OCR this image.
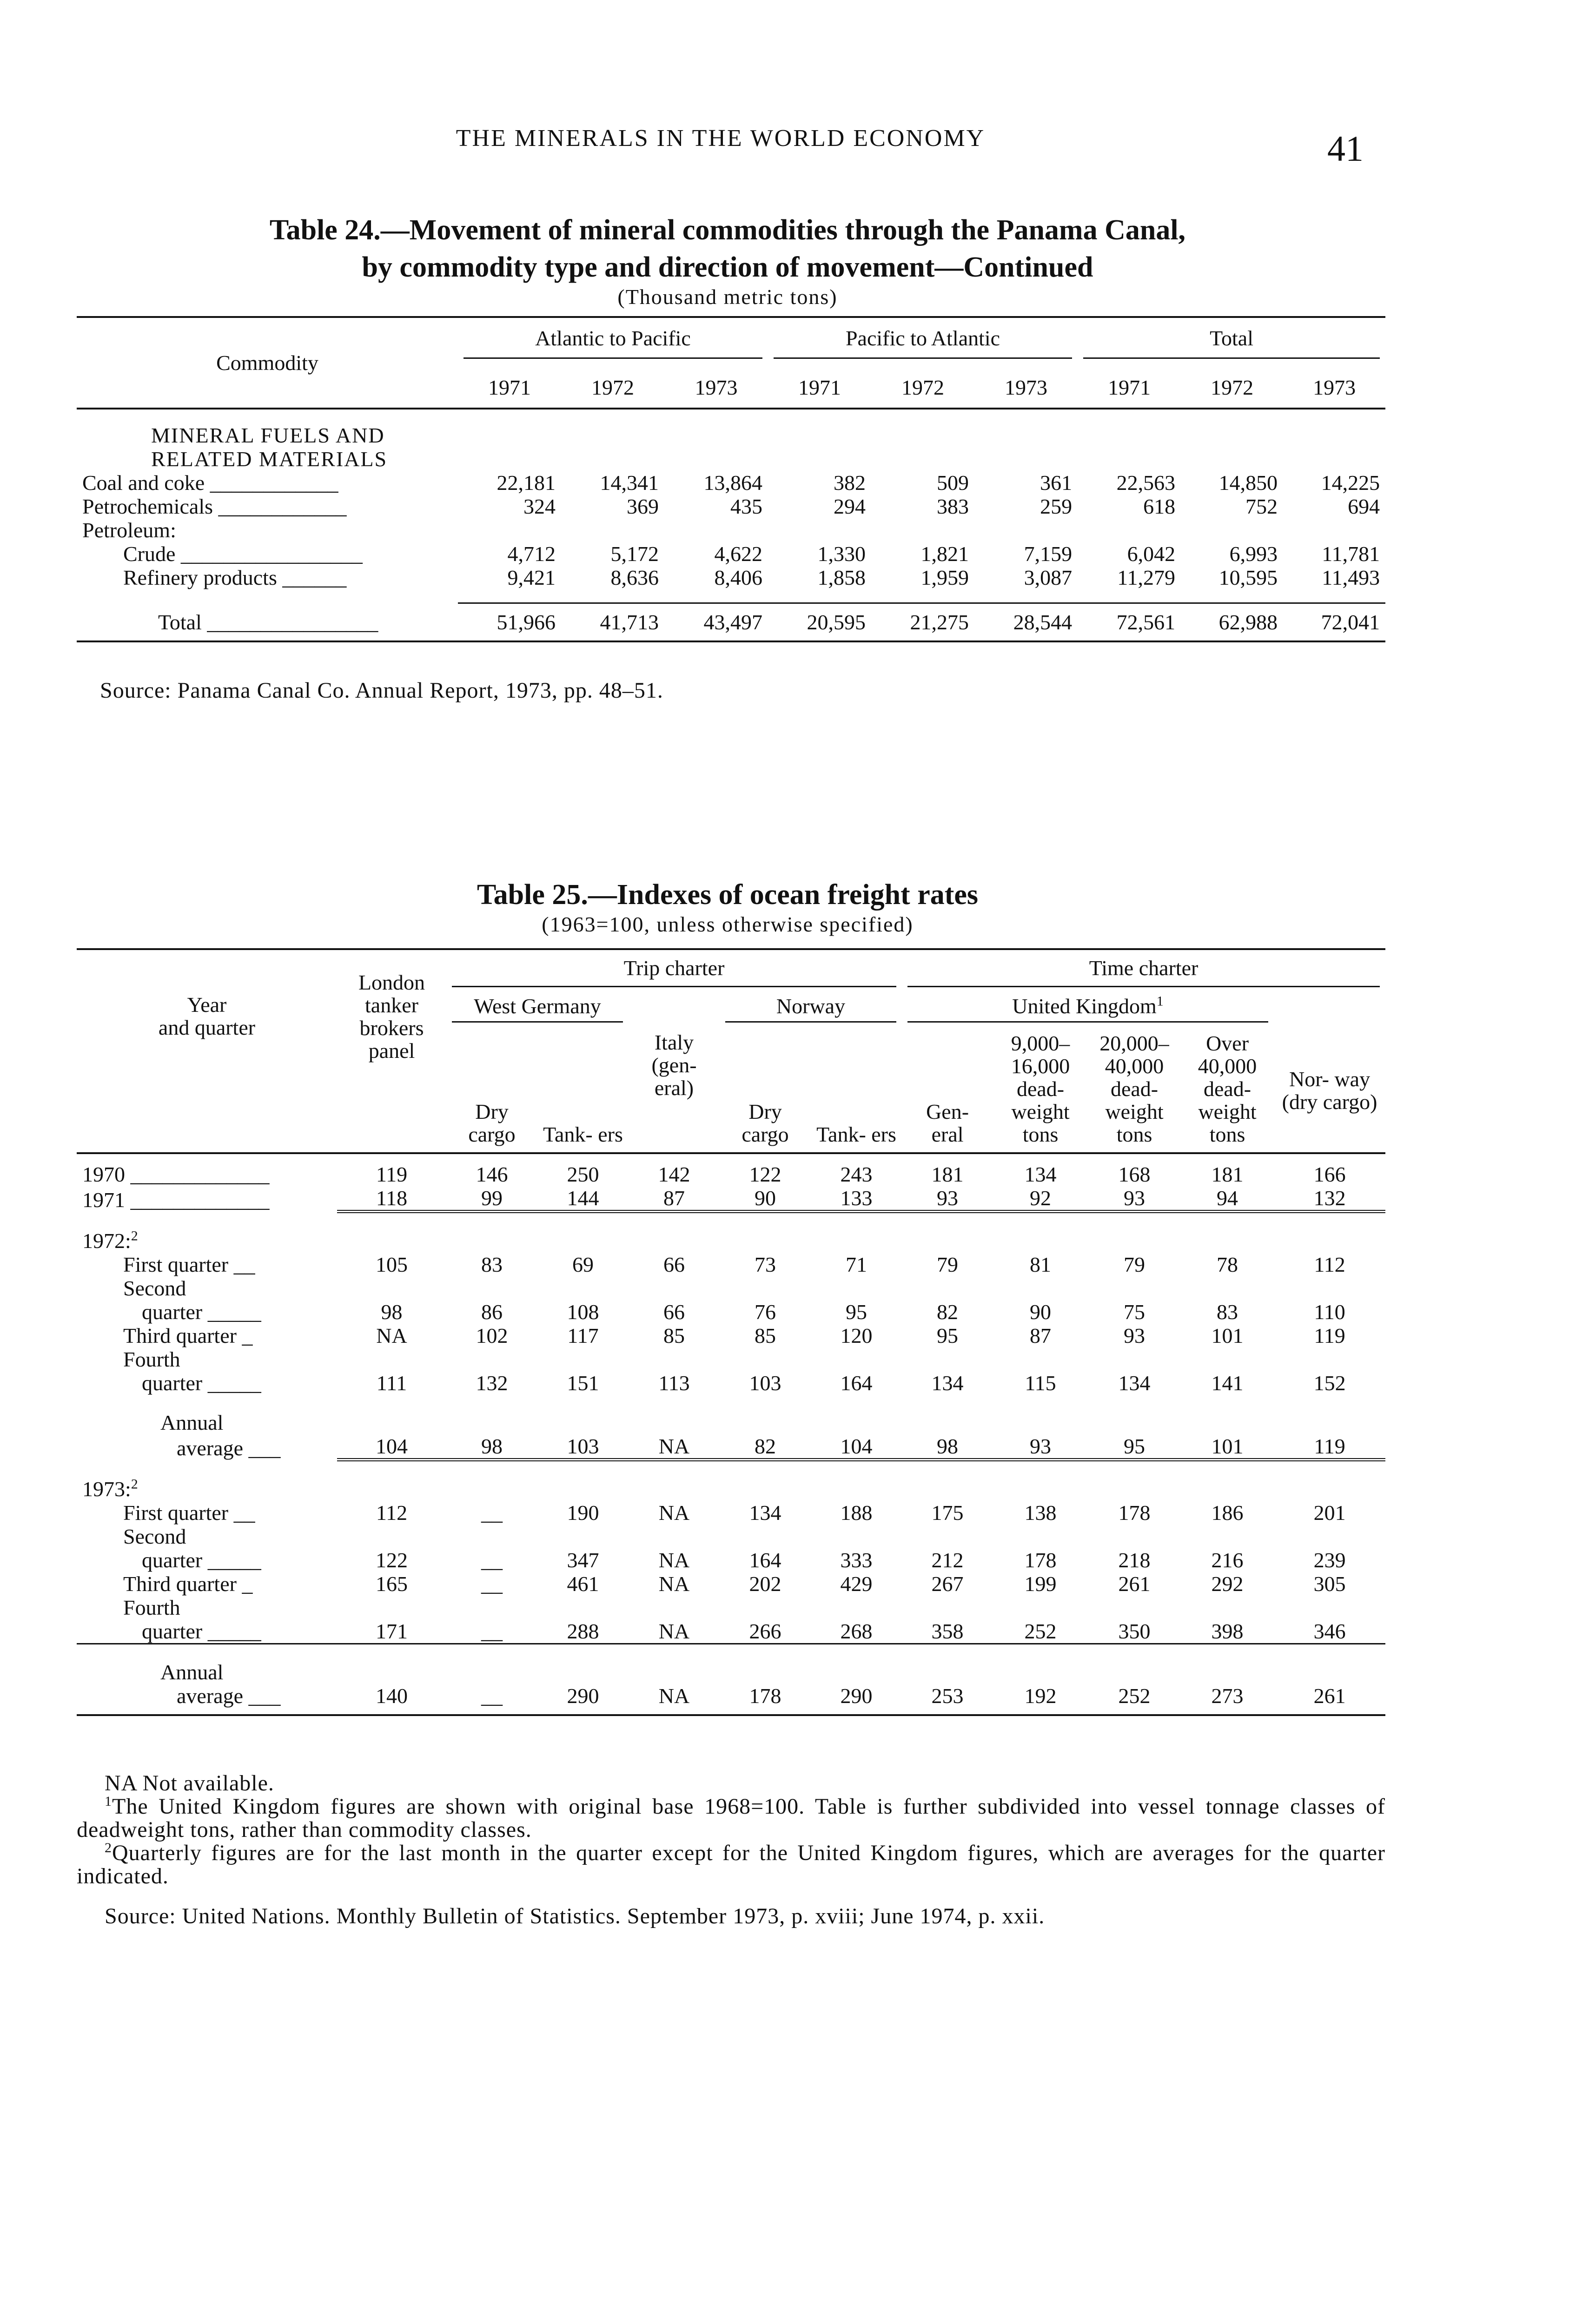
THE MINERALS IN THE WORLD ECONOMY	41
Table 24.—Movement of mineral commodities through the Panama Canal,
by commodity type and direction of movement—Continued
(Thousand metric tons)
Commodity	Atlantic to Pacific			Pacific to Atlantic			Total		

	1971	1972	1973	1971	1972	1973	1971	1972	1973

MINERAL FUELS AND									
RELATED MATERIALS									
Coal and coke ____________	22,181	14,341	13,864	382	509	361	22,563	14,850	14,225
Petrochemicals ____________	324	369	435	294	383	259	618	752	694
Petroleum:									
Crude _________________	4,712	5,172	4,622	1,330	1,821	7,159	6,042	6,993	11,781
Refinery products ______	9,421	8,636	8,406	1,858	1,959	3,087	11,279	10,595	11,493

Total ________________	51,966	41,713	43,497	20,595	21,275	28,544	72,561	62,988	72,041
Source: Panama Canal Co. Annual Report, 1973, pp. 48–51.
Table 25.—Indexes of ocean freight rates
(1963=100, unless otherwise specified)
Year
and quarter	London tanker brokers panel	Trip charter					Time charter				

		West Germany		Italy (gen- eral)	Norway		United Kingdom$^1$				Nor- way (dry cargo)

		Dry cargo	Tank- ers		Dry cargo	Tank- ers	Gen- eral	9,000– 16,000 dead- weight tons	20,000– 40,000 dead- weight tons	Over 40,000 dead- weight tons	

1970 _____________	119	146	250	142	122	243	181	134	168	181	166
1971 _____________	118	99	144	87	90	133	93	92	93	94	132

1972:$^2$	
First quarter __	105	83	69	66	73	71	79	81	79	78	112
Second											
quarter _____	98	86	108	66	76	95	82	90	75	83	110
Third quarter _	NA	102	117	85	85	120	95	87	93	101	119
Fourth											
quarter _____	111	132	151	113	103	164	134	115	134	141	152

Annual											
average ___	104	98	103	NA	82	104	98	93	95	101	119

1973:$^2$	
First quarter __	112	__	190	NA	134	188	175	138	178	186	201
Second											
quarter _____	122	__	347	NA	164	333	212	178	218	216	239
Third quarter _	165	__	461	NA	202	429	267	199	261	292	305
Fourth											
quarter _____	171	__	288	NA	266	268	358	252	350	398	346

Annual											
average ___	140	__	290	NA	178	290	253	192	252	273	261

NA Not available.

$^1$The United Kingdom figures are shown with original base 1968=100. Table is further subdivided into vessel tonnage classes of deadweight tons, rather than commodity classes.

$^2$Quarterly figures are for the last month in the quarter except for the United Kingdom figures, which are averages for the quarter indicated.

Source: United Nations. Monthly Bulletin of Statistics. September 1973, p. xviii; June 1974, p. xxii.
